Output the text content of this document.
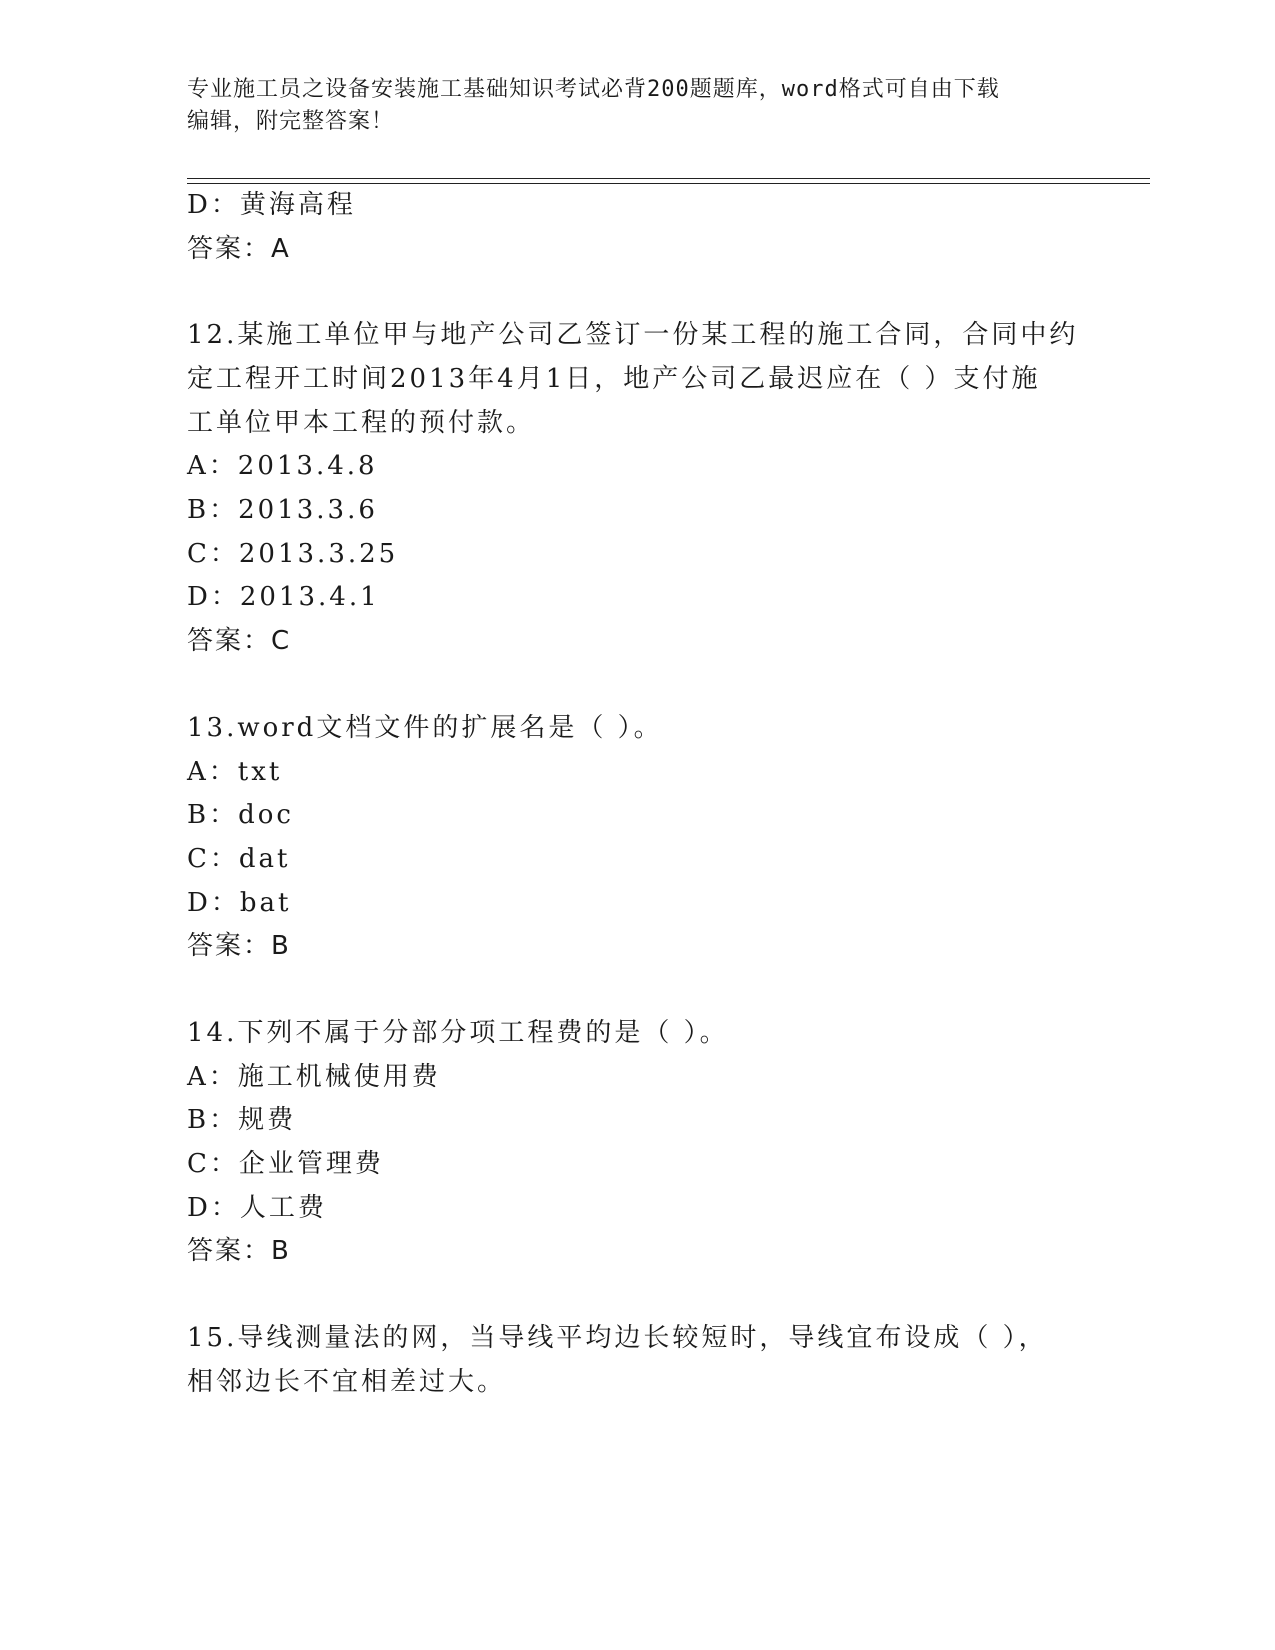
专业施工员之设备安装施工基础知识考试必背200题题库，word格式可自由下载
编辑，附完整答案！
D：黄海高程
答案：A
12.某施工单位甲与地产公司乙签订一份某工程的施工合同，合同中约
定工程开工时间2013年4月1日，地产公司乙最迟应在（ ）支付施
工单位甲本工程的预付款。
A：2013.4.8
B：2013.3.6
C：2013.3.25
D：2013.4.1
答案：C
13.word文档文件的扩展名是（ ）。
A：txt
B：doc
C：dat
D：bat
答案：B
14.下列不属于分部分项工程费的是（ ）。
A：施工机械使用费
B：规费
C：企业管理费
D：人工费
答案：B
15.导线测量法的网，当导线平均边长较短时，导线宜布设成（ ），
相邻边长不宜相差过大。
